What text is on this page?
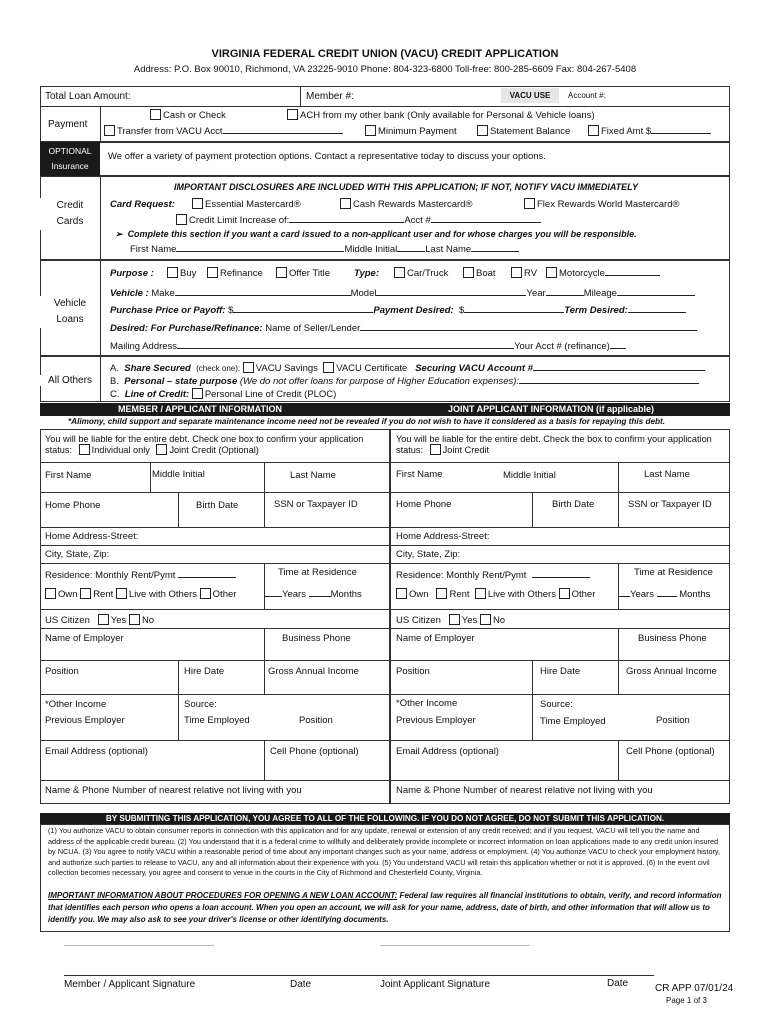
VIRGINIA FEDERAL CREDIT UNION (VACU) CREDIT APPLICATION
Address: P.O. Box 90010, Richmond, VA 23225-9010 Phone: 804-323-6800 Toll-free: 800-285-6609 Fax: 804-267-5408
Total Loan Amount:	Member #:	VACU USE	Account #:
Payment
Cash or Check	ACH from my other bank (Only available for Personal & Vehicle loans)
Transfer from VACU Acct	Minimum Payment	Statement Balance	Fixed Amt $
OPTIONAL
Insurance
We offer a variety of payment protection options. Contact a representative today to discuss your options.
Credit
Cards
IMPORTANT DISCLOSURES ARE INCLUDED WITH THIS APPLICATION; IF NOT, NOTIFY VACU IMMEDIATELY
Card Request:	Essential Mastercard®	Cash Rewards Mastercard®	Flex Rewards World Mastercard®
Credit Limit Increase of:	Acct #
➢ Complete this section if you want a card issued to a non-applicant user and for whose charges you will be responsible.
First Name	Middle Initial	Last Name
Vehicle
Loans
Purpose :	Buy	Refinance	Offer Title	Type:	Car/Truck	Boat	RV	Motorcycle
Vehicle : Make	Model	Year	Mileage
Purchase Price or Payoff: $	Payment Desired: $	Term Desired:
Desired: For Purchase/Refinance: Name of Seller/Lender
Mailing Address	Your Acct # (refinance)
All Others
A. Share Secured (check one): VACU Savings VACU Certificate Securing VACU Account #
B. Personal – state purpose (We do not offer loans for purpose of Higher Education expenses):
C. Line of Credit: Personal Line of Credit (PLOC)
MEMBER / APPLICANT INFORMATION	JOINT APPLICANT INFORMATION (if applicable)
*Alimony, child support and separate maintenance income need not be revealed if you do not wish to have it considered as a basis for repaying this debt.
You will be liable for the entire debt. Check one box to confirm your application status: Individual only Joint Credit (Optional)
First Name	Middle Initial	Last Name
Home Phone	Birth Date	SSN or Taxpayer ID
Home Address-Street:
City, State, Zip:
Residence: Monthly Rent/Pymt	Time at Residence
Own Rent Live with Others Other	Years	Months
US Citizen Yes No
Name of Employer	Business Phone
Position	Hire Date	Gross Annual Income
*Other Income	Source:
Previous Employer	Time Employed	Position
Email Address (optional)	Cell Phone (optional)
Name & Phone Number of nearest relative not living with you
You will be liable for the entire debt. Check the box to confirm your application status: Joint Credit
First Name	Middle Initial	Last Name
Home Phone	Birth Date	SSN or Taxpayer ID
Home Address-Street:
City, State, Zip:
Residence: Monthly Rent/Pymt	Time at Residence
Own Rent Live with Others Other	Years	Months
US Citizen Yes No
Name of Employer	Business Phone
Position	Hire Date	Gross Annual Income
*Other Income	Source:
Previous Employer	Time Employed	Position
Email Address (optional)	Cell Phone (optional)
Name & Phone Number of nearest relative not living with you
BY SUBMITTING THIS APPLICATION, YOU AGREE TO ALL OF THE FOLLOWING. IF YOU DO NOT AGREE, DO NOT SUBMIT THIS APPLICATION.
(1) You authorize VACU to obtain consumer reports in connection with this application and for any update, renewal or extension of any credit received; and if you request, VACU will tell you the name and address of the applicable credit bureau. (2) You understand that it is a federal crime to willfully and deliberately provide incomplete or incorrect information on loan applications made to any credit union insured by NCUA. (3) You agree to notify VACU within a reasonable period of time about any important changes such as your name, address or employment. (4) You authorize VACU to check your employment history, and authorize such parties to release to VACU, any and all information about their experience with you. (5) You understand VACU will retain this application whether or not it is approved. (6) In the event civil collection becomes necessary, you agree and consent to venue in the courts in the City of Richmond and Chesterfield County, Virginia.
IMPORTANT INFORMATION ABOUT PROCEDURES FOR OPENING A NEW LOAN ACCOUNT: Federal law requires all financial institutions to obtain, verify, and record information that identifies each person who opens a loan account. When you open an account, we will ask for your name, address, date of birth, and other information that will allow us to identify you. We may also ask to see your driver's license or other identifying documents.
Member / Applicant Signature	Date	Joint Applicant Signature	Date	CR APP 07/01/24
Page 1 of 3
